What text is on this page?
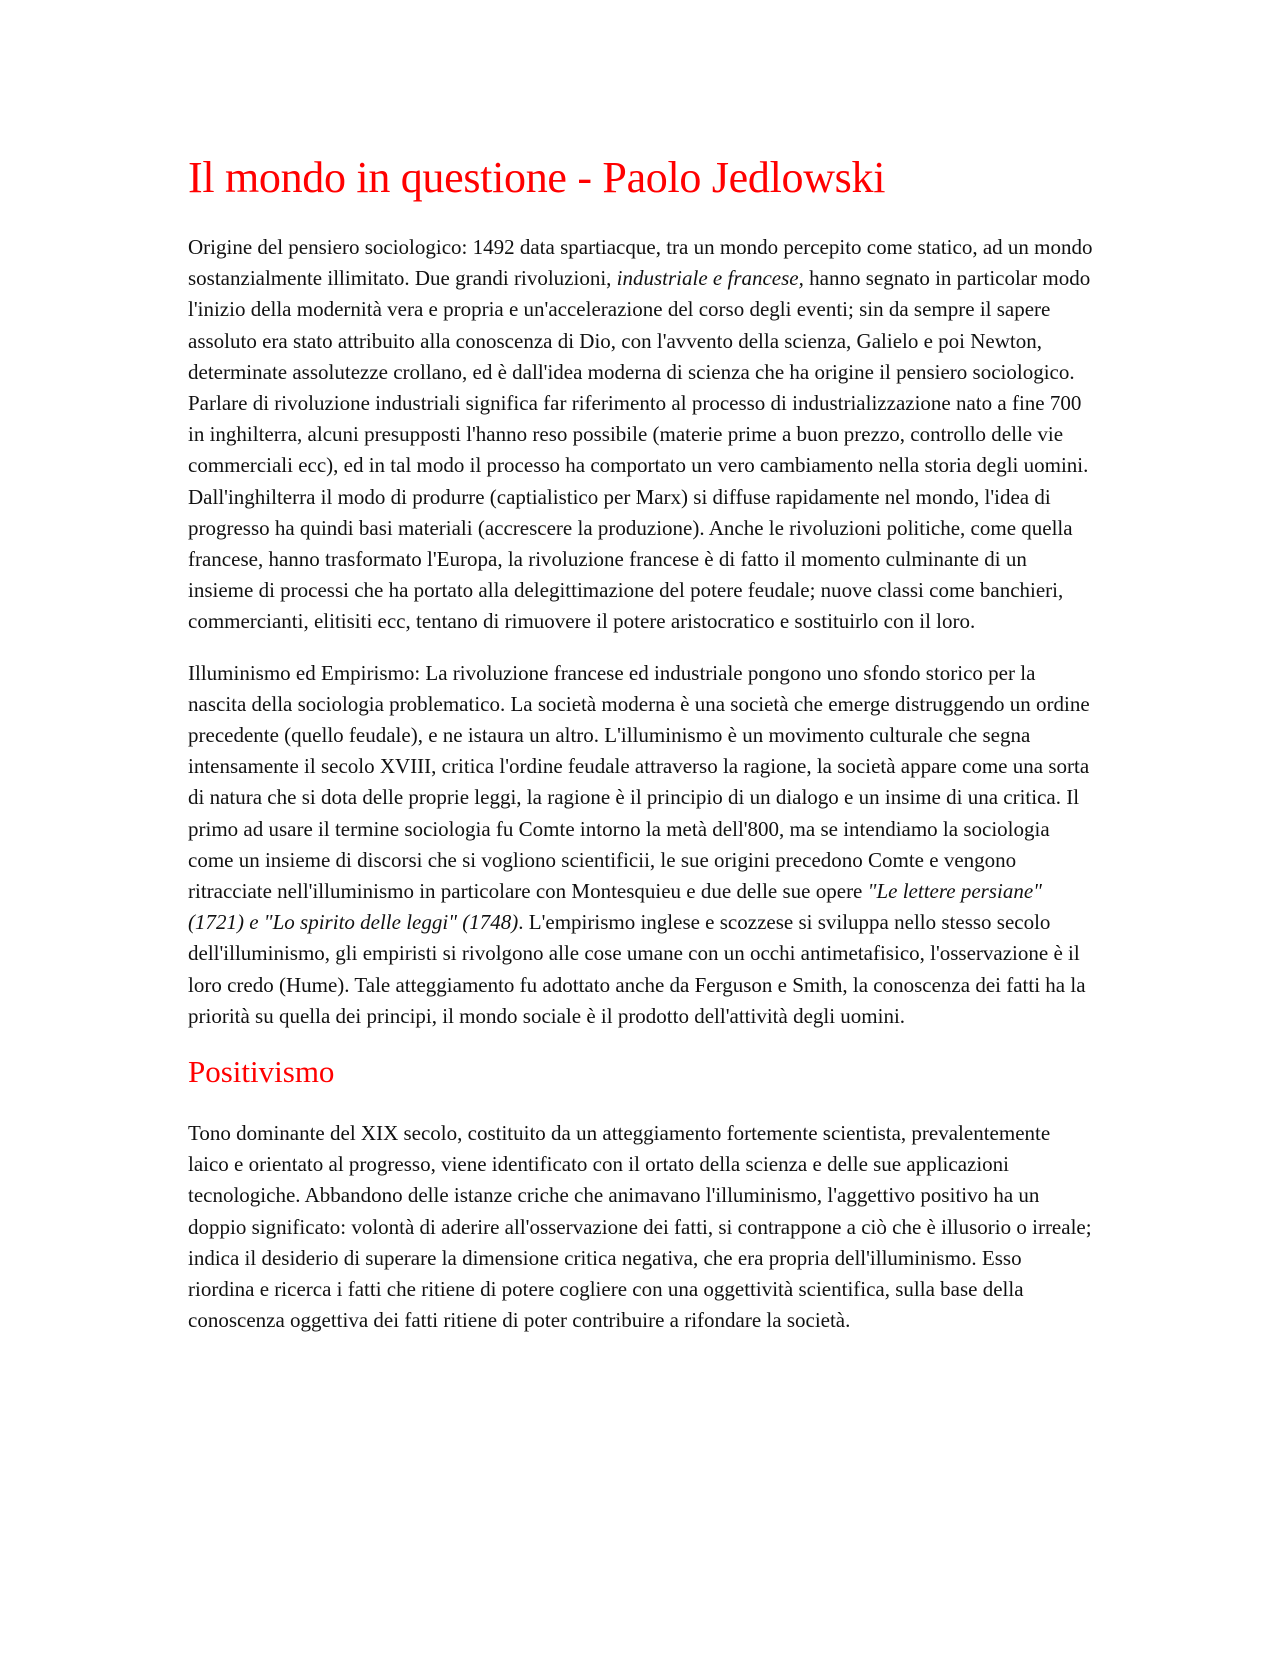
Il mondo in questione - Paolo Jedlowski

Origine del pensiero sociologico: 1492 data spartiacque, tra un mondo percepito come statico, ad un mondo sostanzialmente illimitato. Due grandi rivoluzioni, industriale e francese, hanno segnato in particolar modo l'inizio della modernità vera e propria e un'accelerazione del corso degli eventi; sin da sempre il sapere assoluto era stato attribuito alla conoscenza di Dio, con l'avvento della scienza, Galielo e poi Newton, determinate assolutezze crollano, ed è dall'idea moderna di scienza che ha origine il pensiero sociologico. Parlare di rivoluzione industriali significa far riferimento al processo di industrializzazione nato a fine 700 in inghilterra, alcuni presupposti l'hanno reso possibile (materie prime a buon prezzo, controllo delle vie commerciali ecc), ed in tal modo il processo ha comportato un vero cambiamento nella storia degli uomini. Dall'inghilterra il modo di produrre (captialistico per Marx) si diffuse rapidamente nel mondo, l'idea di progresso ha quindi basi materiali (accrescere la produzione). Anche le rivoluzioni politiche, come quella francese, hanno trasformato l'Europa, la rivoluzione francese è di fatto il momento culminante di un insieme di processi che ha portato alla delegittimazione del potere feudale; nuove classi come banchieri, commercianti, elitisiti ecc, tentano di rimuovere il potere aristocratico e sostituirlo con il loro.

Illuminismo ed Empirismo: La rivoluzione francese ed industriale pongono uno sfondo storico per la nascita della sociologia problematico. La società moderna è una società che emerge distruggendo un ordine precedente (quello feudale), e ne istaura un altro. L'illuminismo è un movimento culturale che segna intensamente il secolo XVIII, critica l'ordine feudale attraverso la ragione, la società appare come una sorta di natura che si dota delle proprie leggi, la ragione è il principio di un dialogo e un insime di una critica. Il primo ad usare il termine sociologia fu Comte intorno la metà dell'800, ma se intendiamo la sociologia come un insieme di discorsi che si vogliono scientificii, le sue origini precedono Comte e vengono ritracciate nell'illuminismo in particolare con Montesquieu e due delle sue opere "Le lettere persiane" (1721) e "Lo spirito delle leggi" (1748). L'empirismo inglese e scozzese si sviluppa nello stesso secolo dell'illuminismo, gli empiristi si rivolgono alle cose umane con un occhi antimetafisico, l'osservazione è il loro credo (Hume). Tale atteggiamento fu adottato anche da Ferguson e Smith, la conoscenza dei fatti ha la priorità su quella dei principi, il mondo sociale è il prodotto dell'attività degli uomini.

Positivismo

Tono dominante del XIX secolo, costituito da un atteggiamento fortemente scientista, prevalentemente laico e orientato al progresso, viene identificato con il ortato della scienza e delle sue applicazioni tecnologiche. Abbandono delle istanze criche che animavano l'illuminismo, l'aggettivo positivo ha un doppio significato: volontà di aderire all'osservazione dei fatti, si contrappone a ciò che è illusorio o irreale; indica il desiderio di superare la dimensione critica negativa, che era propria dell'illuminismo. Esso riordina e ricerca i fatti che ritiene di potere cogliere con una oggettività scientifica, sulla base della conoscenza oggettiva dei fatti ritiene di poter contribuire a rifondare la società.
